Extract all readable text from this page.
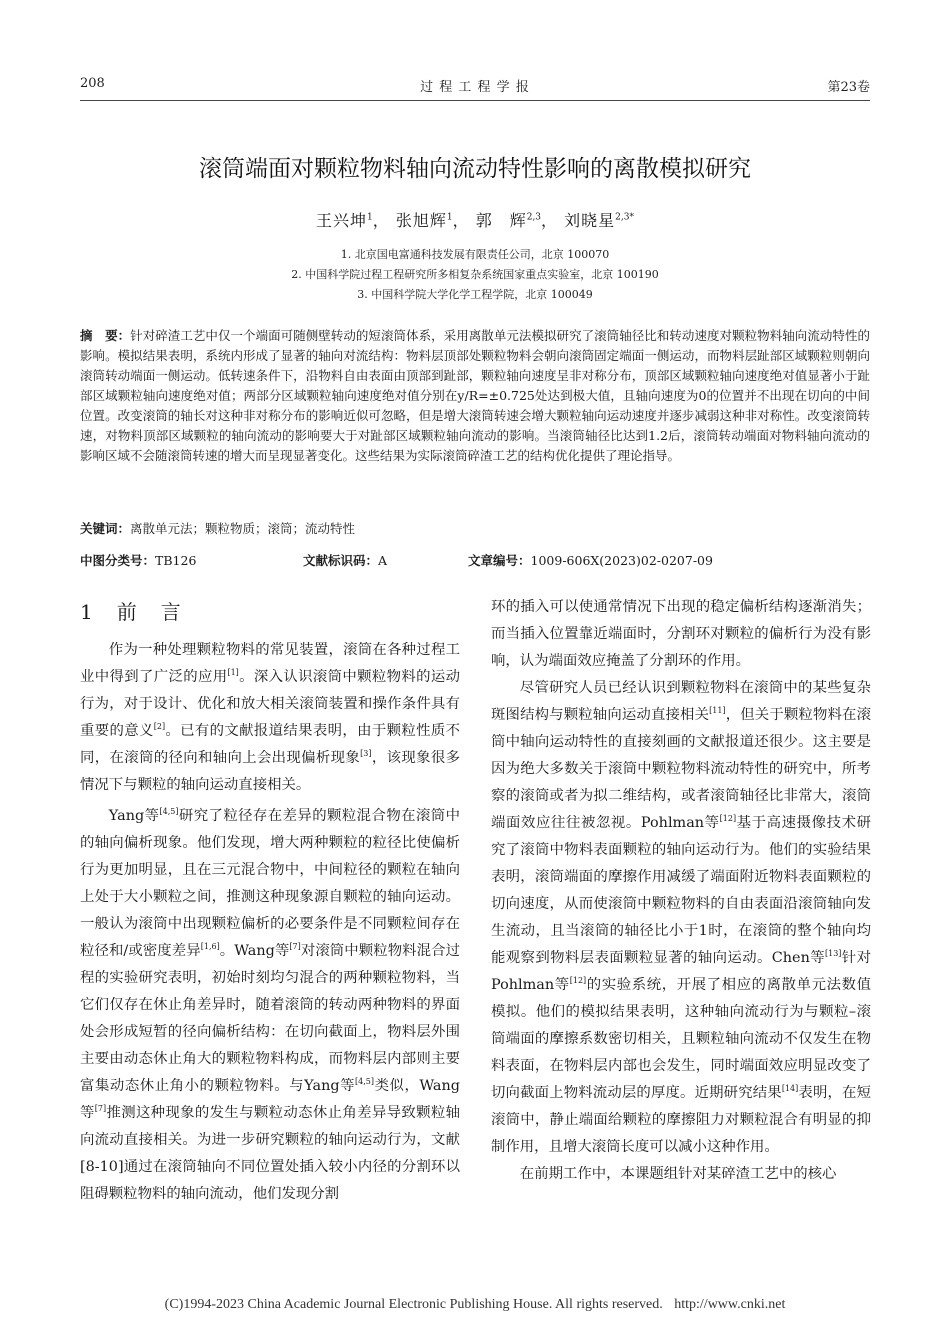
208	过 程 工 程 学 报	第23卷
滚筒端面对颗粒物料轴向流动特性影响的离散模拟研究
王兴坤$^1$， 张旭辉$^1$， 郭　辉$^{2,3}$， 刘晓星$^{2,3*}$
1. 北京国电富通科技发展有限责任公司，北京 100070
2. 中国科学院过程工程研究所多相复杂系统国家重点实验室，北京 100190
3. 中国科学院大学化学工程学院，北京 100049

摘　要：针对碎渣工艺中仅一个端面可随侧壁转动的短滚筒体系，采用离散单元法模拟研究了滚筒轴径比和转动速度对颗粒物料轴向流动特性的影响。模拟结果表明，系统内形成了显著的轴向对流结构：物料层顶部处颗粒物料会朝向滚筒固定端面一侧运动，而物料层趾部区域颗粒则朝向滚筒转动端面一侧运动。低转速条件下，沿物料自由表面由顶部到趾部，颗粒轴向速度呈非对称分布，顶部区域颗粒轴向速度绝对值显著小于趾部区域颗粒轴向速度绝对值；两部分区域颗粒轴向速度绝对值分别在y/R=±0.725处达到极大值，且轴向速度为0的位置并不出现在切向的中间位置。改变滚筒的轴长对这种非对称分布的影响近似可忽略，但是增大滚筒转速会增大颗粒轴向运动速度并逐步减弱这种非对称性。改变滚筒转速，对物料顶部区域颗粒的轴向流动的影响要大于对趾部区域颗粒轴向流动的影响。当滚筒轴径比达到1.2后，滚筒转动端面对物料轴向流动的影响区域不会随滚筒转速的增大而呈现显著变化。这些结果为实际滚筒碎渣工艺的结构优化提供了理论指导。

关键词：离散单元法；颗粒物质；滚筒；流动特性
中图分类号：TB126	文献标识码：A	文章编号：1009-606X(2023)02-0207-09
1　前　言

作为一种处理颗粒物料的常见装置，滚筒在各种过程工业中得到了广泛的应用[1]。深入认识滚筒中颗粒物料的运动行为，对于设计、优化和放大相关滚筒装置和操作条件具有重要的意义[2]。已有的文献报道结果表明，由于颗粒性质不同，在滚筒的径向和轴向上会出现偏析现象[3]，该现象很多情况下与颗粒的轴向运动直接相关。

Yang等[4,5]研究了粒径存在差异的颗粒混合物在滚筒中的轴向偏析现象。他们发现，增大两种颗粒的粒径比使偏析行为更加明显，且在三元混合物中，中间粒径的颗粒在轴向上处于大小颗粒之间，推测这种现象源自颗粒的轴向运动。一般认为滚筒中出现颗粒偏析的必要条件是不同颗粒间存在粒径和/或密度差异[1,6]。Wang等[7]对滚筒中颗粒物料混合过程的实验研究表明，初始时刻均匀混合的两种颗粒物料，当它们仅存在休止角差异时，随着滚筒的转动两种物料的界面处会形成短暂的径向偏析结构：在切向截面上，物料层外围主要由动态休止角大的颗粒物料构成，而物料层内部则主要富集动态休止角小的颗粒物料。与Yang等[4,5]类似，Wang等[7]推测这种现象的发生与颗粒动态休止角差异导致颗粒轴向流动直接相关。为进一步研究颗粒的轴向运动行为，文献[8-10]通过在滚筒轴向不同位置处插入较小内径的分割环以阻碍颗粒物料的轴向流动，他们发现分割

环的插入可以使通常情况下出现的稳定偏析结构逐渐消失；而当插入位置靠近端面时，分割环对颗粒的偏析行为没有影响，认为端面效应掩盖了分割环的作用。

尽管研究人员已经认识到颗粒物料在滚筒中的某些复杂斑图结构与颗粒轴向运动直接相关[11]，但关于颗粒物料在滚筒中轴向运动特性的直接刻画的文献报道还很少。这主要是因为绝大多数关于滚筒中颗粒物料流动特性的研究中，所考察的滚筒或者为拟二维结构，或者滚筒轴径比非常大，滚筒端面效应往往被忽视。Pohlman等[12]基于高速摄像技术研究了滚筒中物料表面颗粒的轴向运动行为。他们的实验结果表明，滚筒端面的摩擦作用减缓了端面附近物料表面颗粒的切向速度，从而使滚筒中颗粒物料的自由表面沿滚筒轴向发生流动，且当滚筒的轴径比小于1时，在滚筒的整个轴向均能观察到物料层表面颗粒显著的轴向运动。Chen等[13]针对Pohlman等[12]的实验系统，开展了相应的离散单元法数值模拟。他们的模拟结果表明，这种轴向流动行为与颗粒–滚筒端面的摩擦系数密切相关，且颗粒轴向流动不仅发生在物料表面，在物料层内部也会发生，同时端面效应明显改变了切向截面上物料流动层的厚度。近期研究结果[14]表明，在短滚筒中，静止端面给颗粒的摩擦阻力对颗粒混合有明显的抑制作用，且增大滚筒长度可以减小这种作用。

在前期工作中，本课题组针对某碎渣工艺中的核心

(C)1994-2023 China Academic Journal Electronic Publishing House. All rights reserved. http://www.cnki.net
